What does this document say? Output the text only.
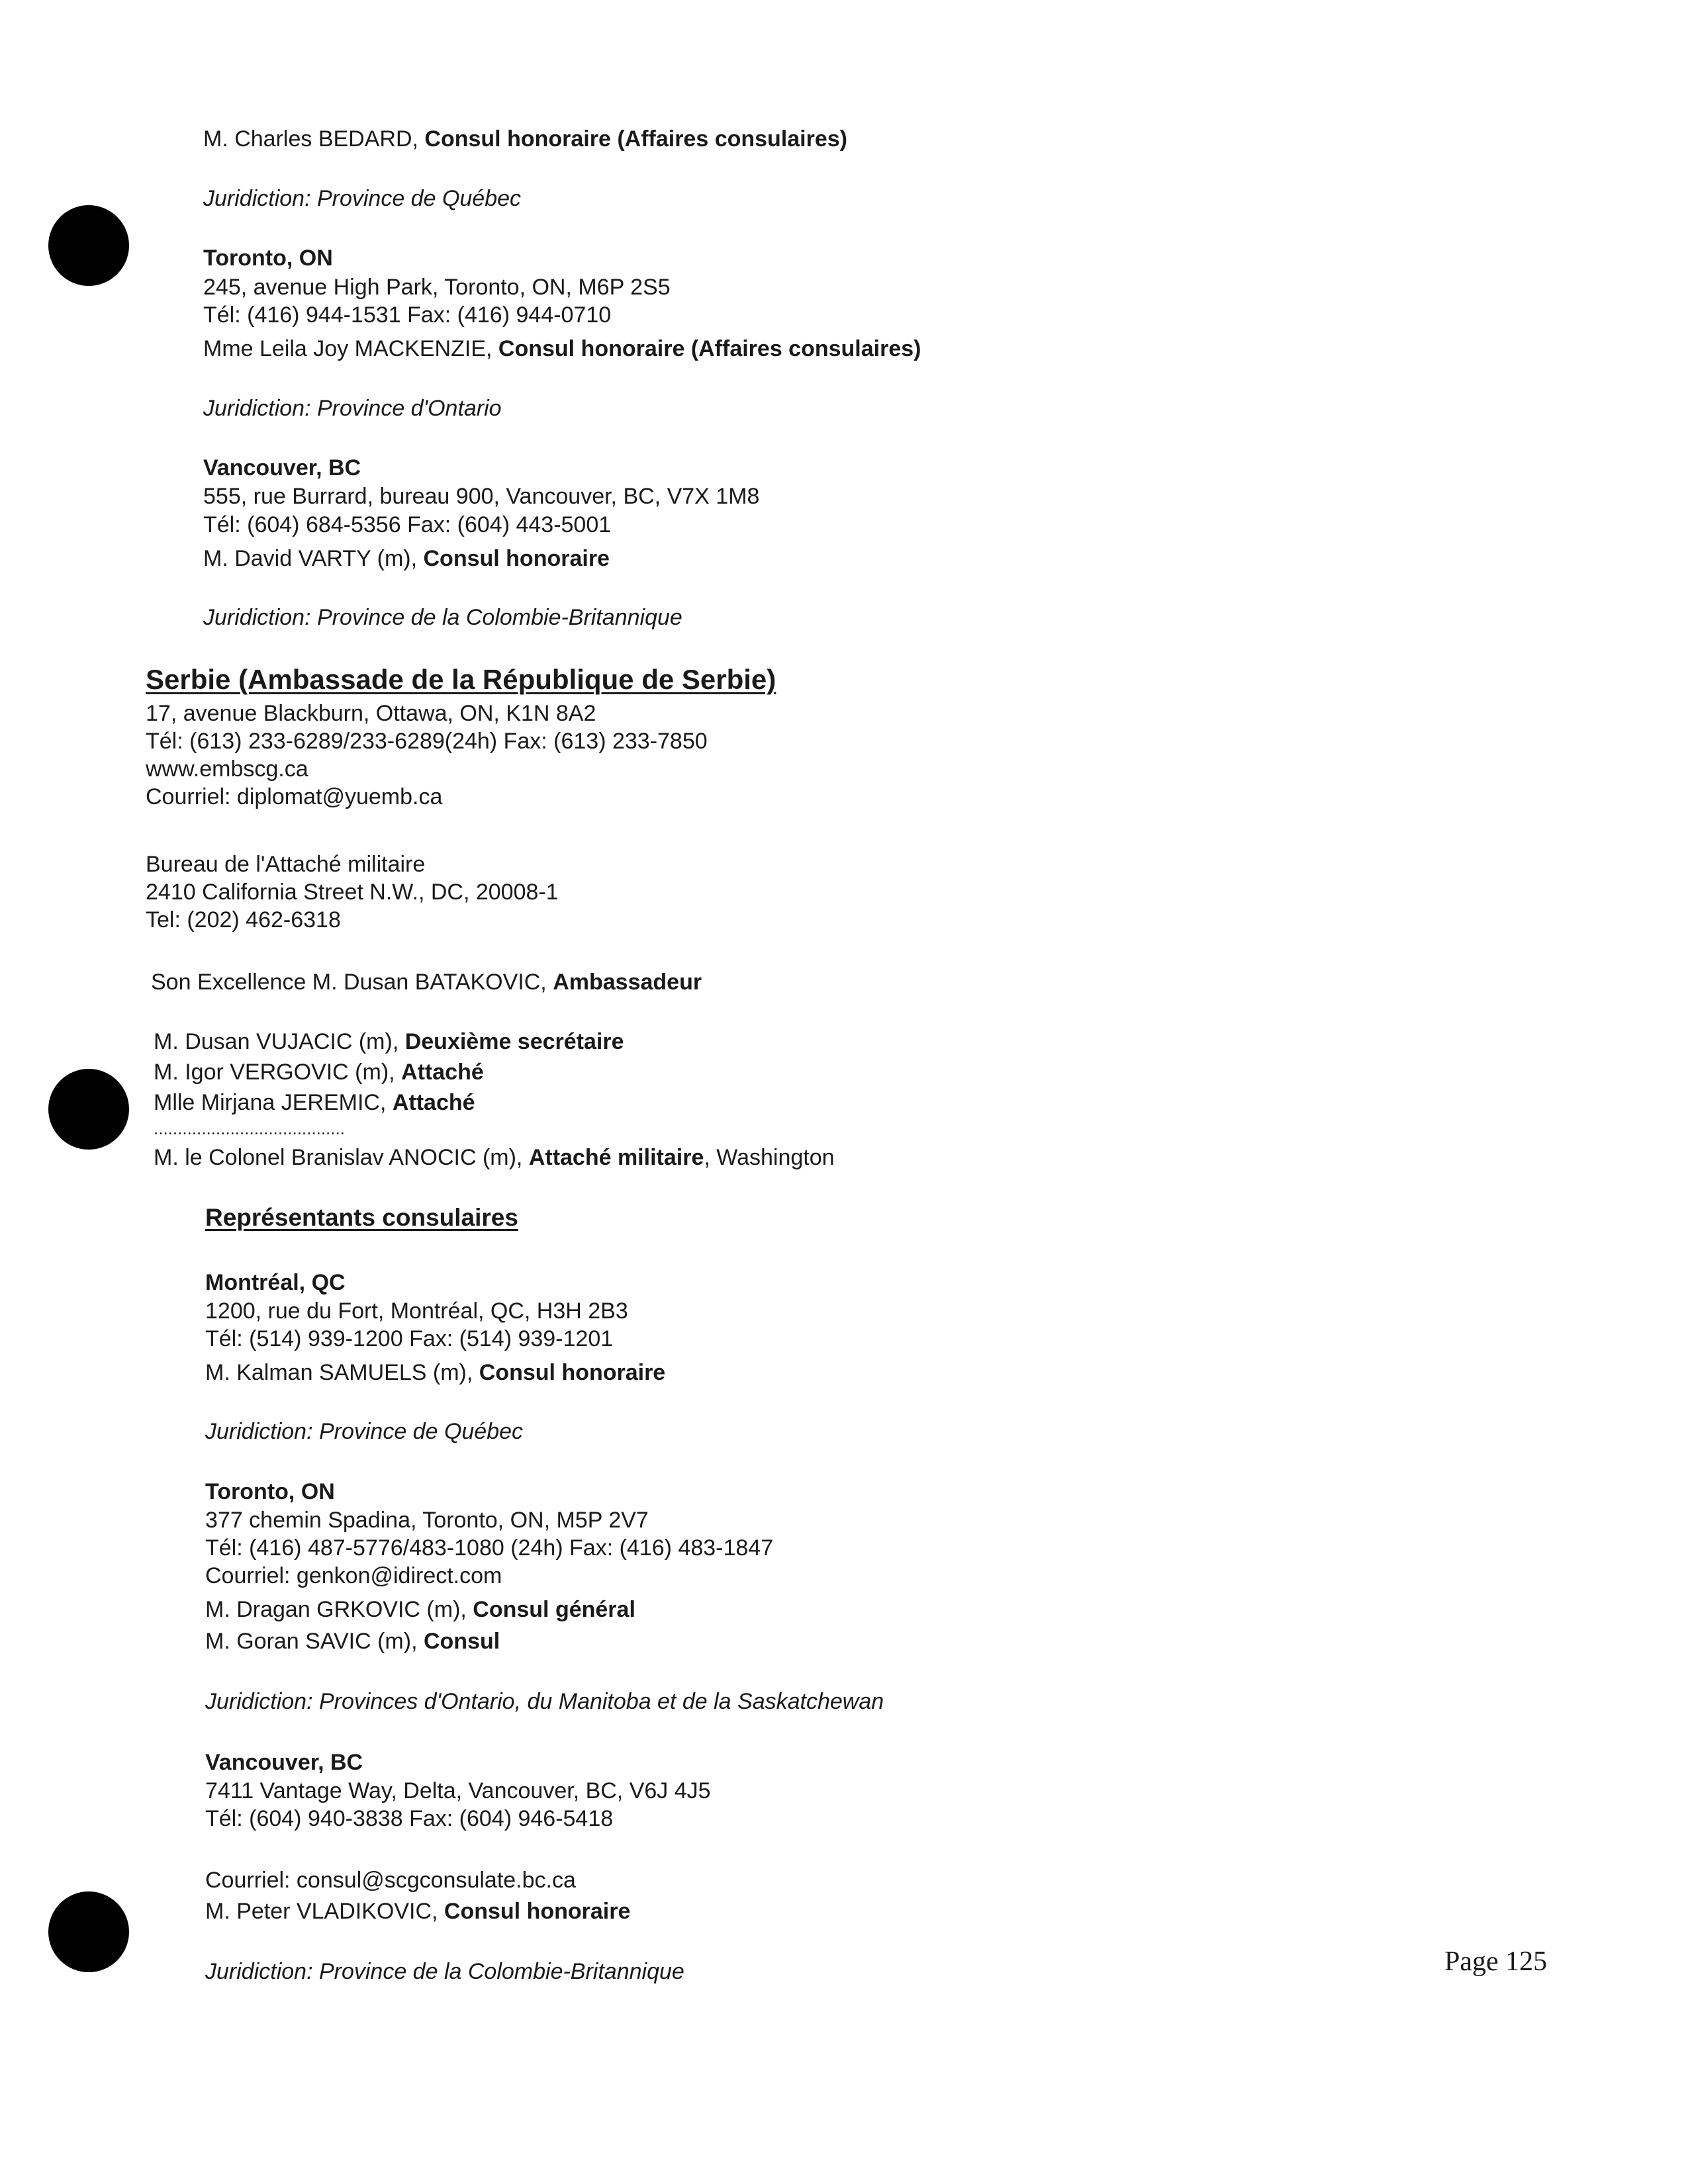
M. Charles BEDARD, Consul honoraire (Affaires consulaires)

Juridiction: Province de Québec

Toronto, ON

245, avenue High Park, Toronto, ON, M6P 2S5

Tél: (416) 944-1531 Fax: (416) 944-0710

Mme Leila Joy MACKENZIE, Consul honoraire (Affaires consulaires)

Juridiction: Province d'Ontario

Vancouver, BC

555, rue Burrard, bureau 900, Vancouver, BC, V7X 1M8

Tél: (604) 684-5356 Fax: (604) 443-5001

M. David VARTY (m), Consul honoraire

Juridiction: Province de la Colombie-Britannique

Serbie (Ambassade de la République de Serbie)

17, avenue Blackburn, Ottawa, ON, K1N 8A2

Tél: (613) 233-6289/233-6289(24h) Fax: (613) 233-7850

www.embscg.ca

Courriel: diplomat@yuemb.ca

Bureau de l'Attaché militaire

2410 California Street N.W., DC, 20008-1

Tel: (202) 462-6318

Son Excellence M. Dusan BATAKOVIC, Ambassadeur

M. Dusan VUJACIC (m), Deuxième secrétaire

M. Igor VERGOVIC (m), Attaché

Mlle Mirjana JEREMIC, Attaché

........................................

M. le Colonel Branislav ANOCIC (m), Attaché militaire, Washington

Représentants consulaires

Montréal, QC

1200, rue du Fort, Montréal, QC, H3H 2B3

Tél: (514) 939-1200 Fax: (514) 939-1201

M. Kalman SAMUELS (m), Consul honoraire

Juridiction: Province de Québec

Toronto, ON

377 chemin Spadina, Toronto, ON, M5P 2V7

Tél: (416) 487-5776/483-1080 (24h) Fax: (416) 483-1847

Courriel: genkon@idirect.com

M. Dragan GRKOVIC (m), Consul général

M. Goran SAVIC (m), Consul

Juridiction: Provinces d'Ontario, du Manitoba et de la Saskatchewan

Vancouver, BC

7411 Vantage Way, Delta, Vancouver, BC, V6J 4J5

Tél: (604) 940-3838 Fax: (604) 946-5418

Courriel: consul@scgconsulate.bc.ca

M. Peter VLADIKOVIC, Consul honoraire

Juridiction: Province de la Colombie-Britannique	Page 125
